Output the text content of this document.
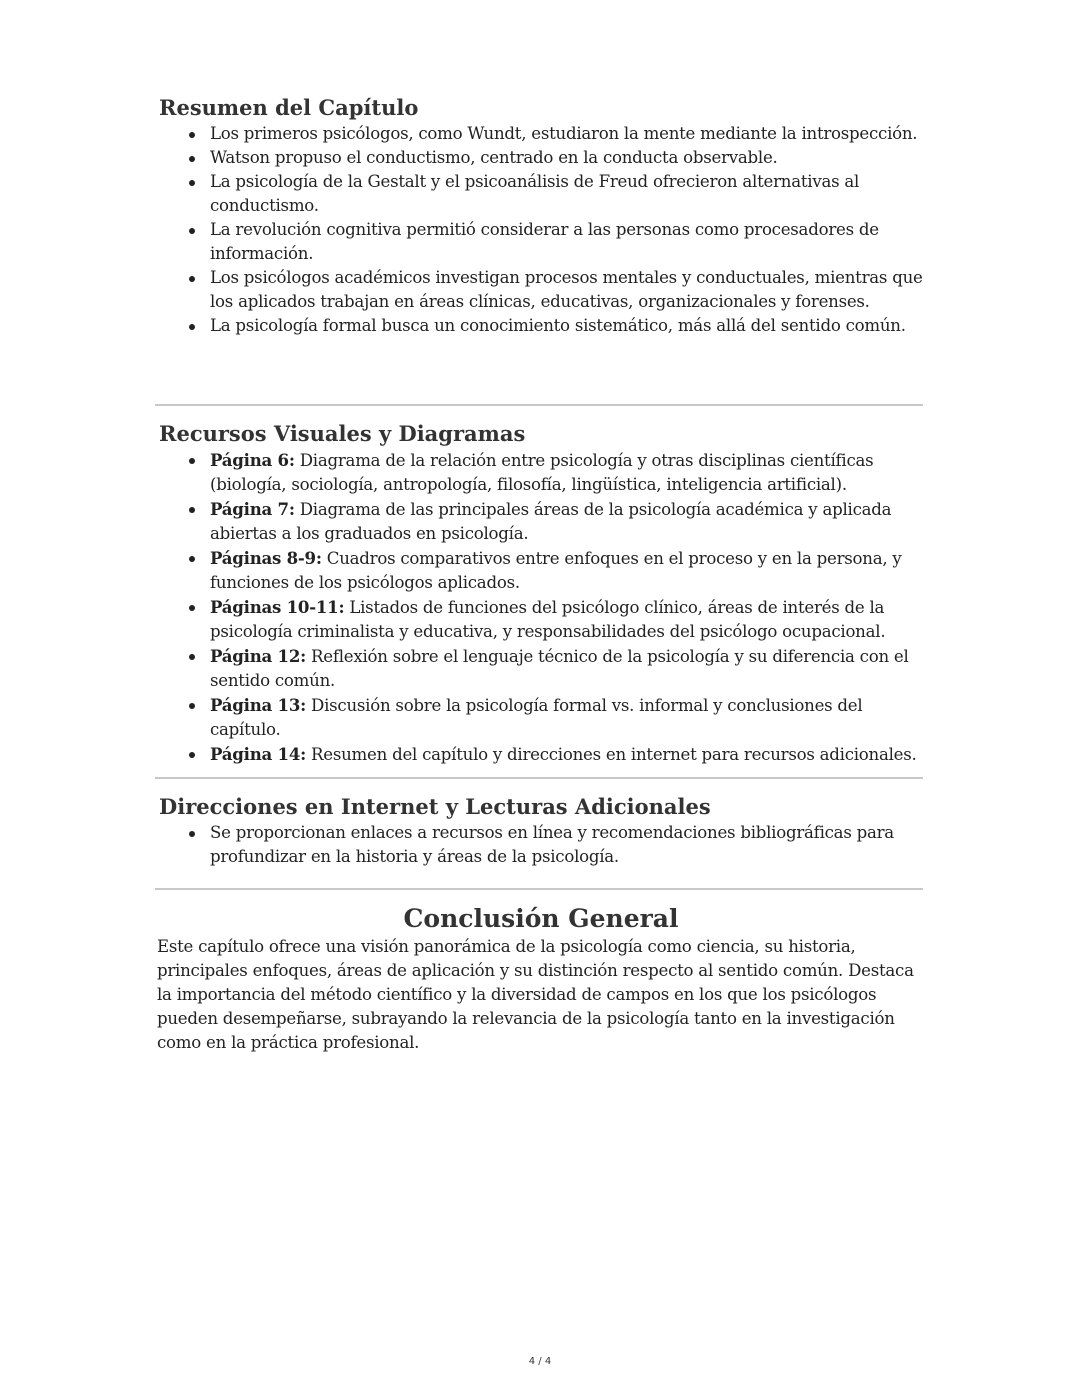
Resumen del Capítulo
Los primeros psicólogos, como Wundt, estudiaron la mente mediante la introspección.
Watson propuso el conductismo, centrado en la conducta observable.
La psicología de la Gestalt y el psicoanálisis de Freud ofrecieron alternativas al conductismo.
La revolución cognitiva permitió considerar a las personas como procesadores de información.
Los psicólogos académicos investigan procesos mentales y conductuales, mientras que los aplicados trabajan en áreas clínicas, educativas, organizacionales y forenses.
La psicología formal busca un conocimiento sistemático, más allá del sentido común.
Recursos Visuales y Diagramas
Página 6: Diagrama de la relación entre psicología y otras disciplinas científicas (biología, sociología, antropología, filosofía, lingüística, inteligencia artificial).
Página 7: Diagrama de las principales áreas de la psicología académica y aplicada abiertas a los graduados en psicología.
Páginas 8-9: Cuadros comparativos entre enfoques en el proceso y en la persona, y funciones de los psicólogos aplicados.
Páginas 10-11: Listados de funciones del psicólogo clínico, áreas de interés de la psicología criminalista y educativa, y responsabilidades del psicólogo ocupacional.
Página 12: Reflexión sobre el lenguaje técnico de la psicología y su diferencia con el sentido común.
Página 13: Discusión sobre la psicología formal vs. informal y conclusiones del capítulo.
Página 14: Resumen del capítulo y direcciones en internet para recursos adicionales.
Direcciones en Internet y Lecturas Adicionales
Se proporcionan enlaces a recursos en línea y recomendaciones bibliográficas para profundizar en la historia y áreas de la psicología.
Conclusión General

Este capítulo ofrece una visión panorámica de la psicología como ciencia, su historia, principales enfoques, áreas de aplicación y su distinción respecto al sentido común. Destaca la importancia del método científico y la diversidad de campos en los que los psicólogos pueden desempeñarse, subrayando la relevancia de la psicología tanto en la investigación como en la práctica profesional.

4 / 4
